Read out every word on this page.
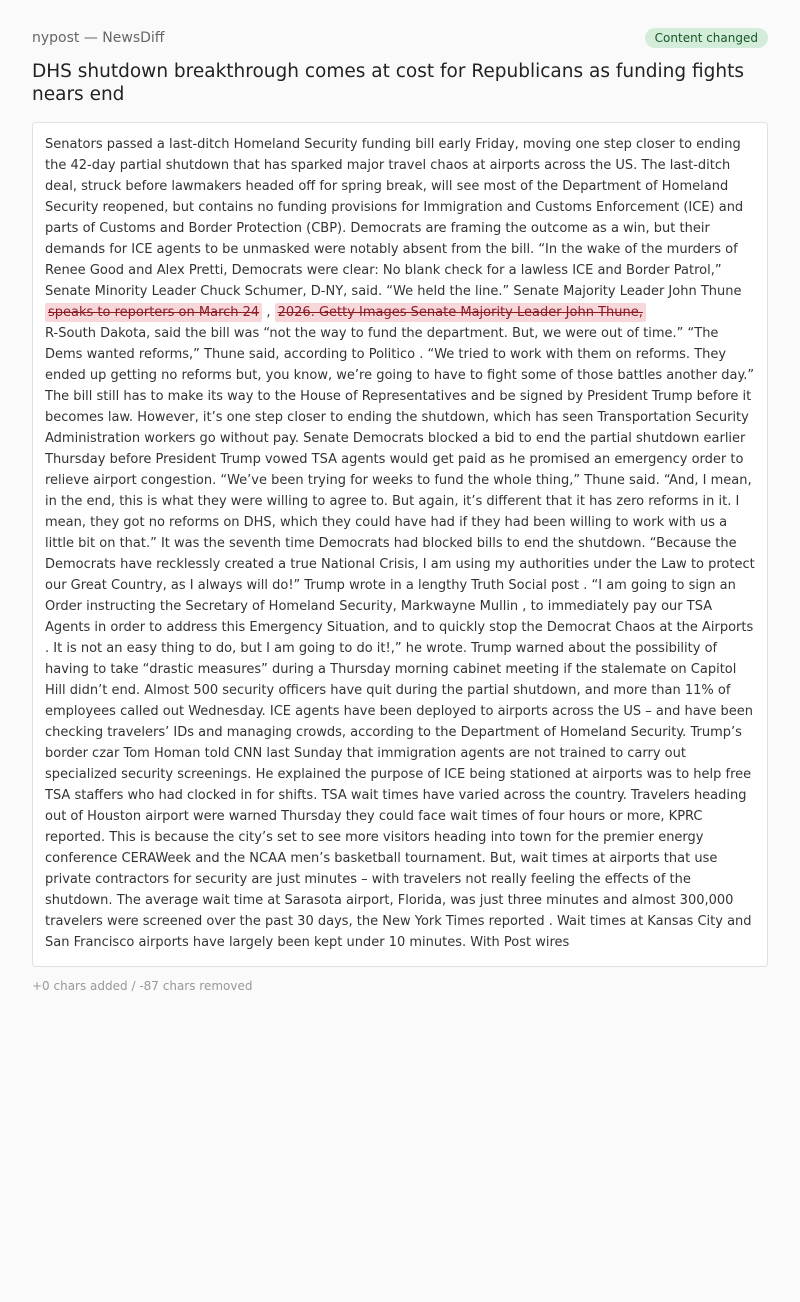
nypost — NewsDiff	Content changed
DHS shutdown breakthrough comes at cost for Republicans as funding fights nears end
Senators passed a last-ditch Homeland Security funding bill early Friday, moving one step closer to ending the 42-day partial shutdown that has sparked major travel chaos at airports across the US. The last-ditch deal, struck before lawmakers headed off for spring break, will see most of the Department of Homeland Security reopened, but contains no funding provisions for Immigration and Customs Enforcement (ICE) and parts of Customs and Border Protection (CBP). Democrats are framing the outcome as a win, but their demands for ICE agents to be unmasked were notably absent from the bill. “In the wake of the murders of Renee Good and Alex Pretti, Democrats were clear: No blank check for a lawless ICE and Border Patrol,” Senate Minority Leader Chuck Schumer, D-NY, said. “We held the line.” Senate Majority Leader John Thune
speaks to reporters on March 24 , 2026. Getty Images Senate Majority Leader John Thune,
R-South Dakota, said the bill was “not the way to fund the department. But, we were out of time.” “The Dems wanted reforms,” Thune said, according to Politico . “We tried to work with them on reforms. They ended up getting no reforms but, you know, we’re going to have to fight some of those battles another day.” The bill still has to make its way to the House of Representatives and be signed by President Trump before it becomes law. However, it’s one step closer to ending the shutdown, which has seen Transportation Security Administration workers go without pay. Senate Democrats blocked a bid to end the partial shutdown earlier Thursday before President Trump vowed TSA agents would get paid as he promised an emergency order to relieve airport congestion. “We’ve been trying for weeks to fund the whole thing,” Thune said. “And, I mean, in the end, this is what they were willing to agree to. But again, it’s different that it has zero reforms in it. I mean, they got no reforms on DHS, which they could have had if they had been willing to work with us a little bit on that.” It was the seventh time Democrats had blocked bills to end the shutdown. “Because the Democrats have recklessly created a true National Crisis, I am using my authorities under the Law to protect our Great Country, as I always will do!” Trump wrote in a lengthy Truth Social post . “I am going to sign an Order instructing the Secretary of Homeland Security, Markwayne Mullin , to immediately pay our TSA Agents in order to address this Emergency Situation, and to quickly stop the Democrat Chaos at the Airports . It is not an easy thing to do, but I am going to do it!,” he wrote. Trump warned about the possibility of having to take “drastic measures” during a Thursday morning cabinet meeting if the stalemate on Capitol Hill didn’t end. Almost 500 security officers have quit during the partial shutdown, and more than 11% of employees called out Wednesday. ICE agents have been deployed to airports across the US – and have been checking travelers’ IDs and managing crowds, according to the Department of Homeland Security. Trump’s border czar Tom Homan told CNN last Sunday that immigration agents are not trained to carry out specialized security screenings. He explained the purpose of ICE being stationed at airports was to help free TSA staffers who had clocked in for shifts. TSA wait times have varied across the country. Travelers heading out of Houston airport were warned Thursday they could face wait times of four hours or more, KPRC reported. This is because the city’s set to see more visitors heading into town for the premier energy conference CERAWeek and the NCAA men’s basketball tournament. But, wait times at airports that use private contractors for security are just minutes – with travelers not really feeling the effects of the shutdown. The average wait time at Sarasota airport, Florida, was just three minutes and almost 300,000 travelers were screened over the past 30 days, the New York Times reported . Wait times at Kansas City and San Francisco airports have largely been kept under 10 minutes. With Post wires
+0 chars added / -87 chars removed
